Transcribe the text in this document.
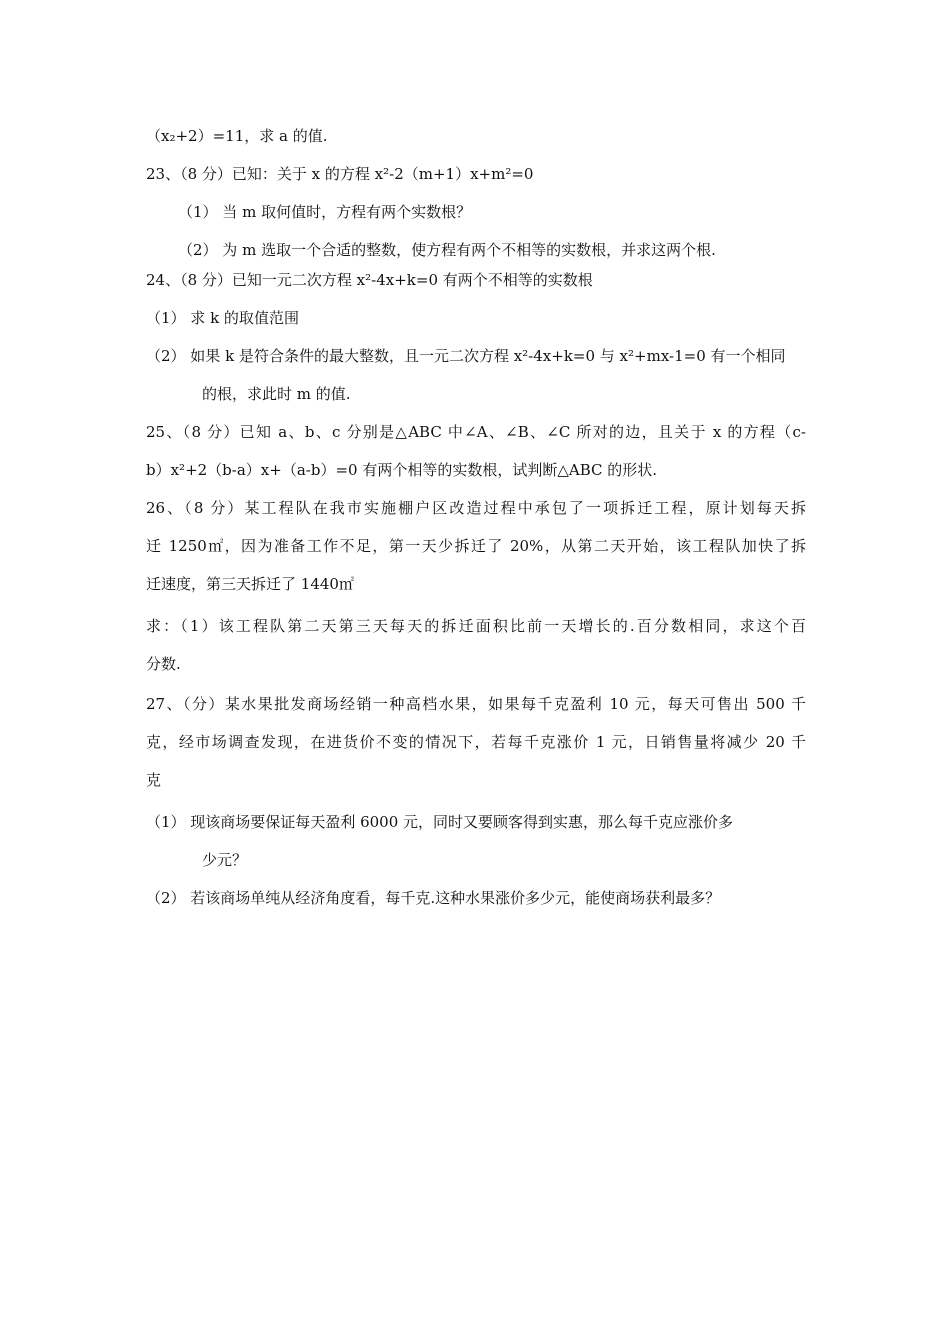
（x₂+2）=11，求 a 的值.
23、（8 分）已知：关于 x 的方程 x²-2（m+1）x+m²=0
（1） 当 m 取何值时，方程有两个实数根？
（2） 为 m 选取一个合适的整数，使方程有两个不相等的实数根，并求这两个根.
24、（8 分）已知一元二次方程 x²-4x+k=0 有两个不相等的实数根
（1） 求 k 的取值范围
（2） 如果 k 是符合条件的最大整数，且一元二次方程 x²-4x+k=0 与 x²+mx-1=0 有一个相同
的根，求此时 m 的值.
25、（8 分）已知 a、b、c 分别是△ABC 中∠A、∠B、∠C 所对的边，且关于 x 的方程（c-
b）x²+2（b-a）x+（a-b）=0 有两个相等的实数根，试判断△ABC 的形状.
26、（8 分）某工程队在我市实施棚户区改造过程中承包了一项拆迁工程，原计划每天拆
迁 1250㎡，因为准备工作不足，第一天少拆迁了 20%，从第二天开始，该工程队加快了拆
迁速度，第三天拆迁了 1440㎡
求：（1）该工程队第二天第三天每天的拆迁面积比前一天增长的.百分数相同，求这个百
分数.
27、（分）某水果批发商场经销一种高档水果，如果每千克盈利 10 元，每天可售出 500 千
克，经市场调查发现，在进货价不变的情况下，若每千克涨价 1 元，日销售量将减少 20 千
克
（1） 现该商场要保证每天盈利 6000 元，同时又要顾客得到实惠，那么每千克应涨价多
少元？
（2） 若该商场单纯从经济角度看，每千克.这种水果涨价多少元，能使商场获利最多？
